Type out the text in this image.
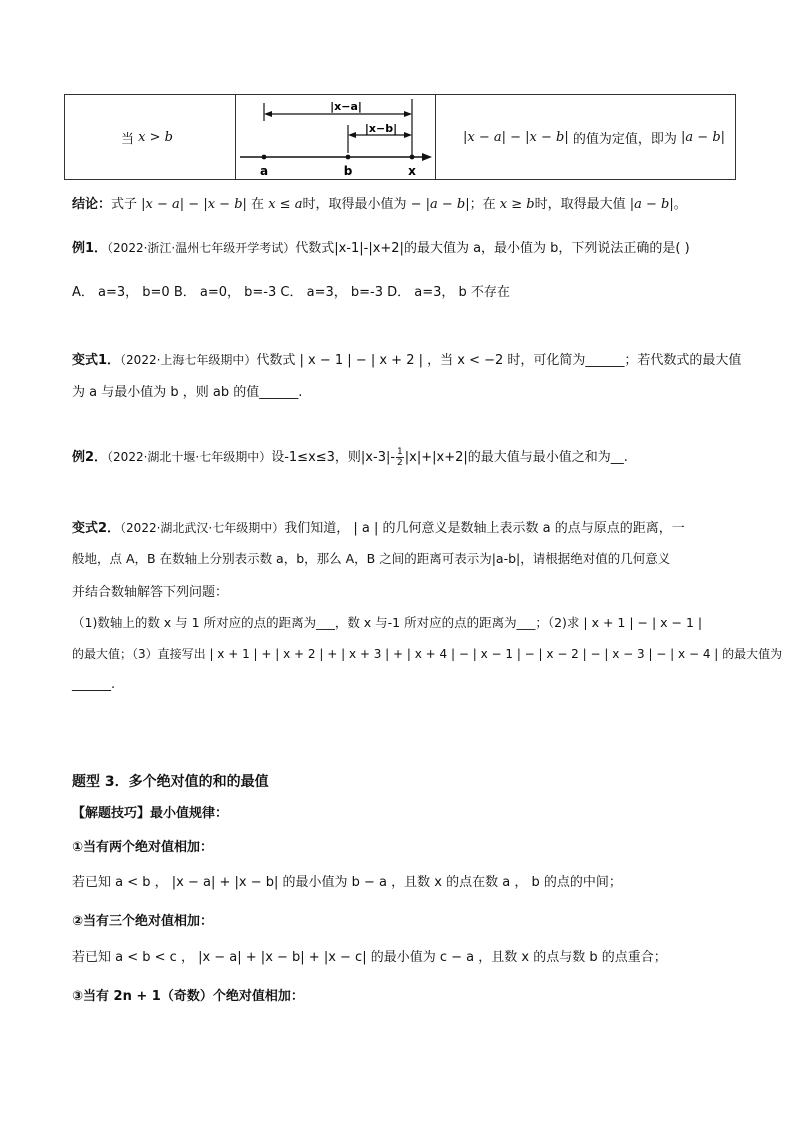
当
x > b
|x−a|
|x−b|
a	b	x
|x − a| − |x − b|
的值为定值，即为
|a − b|
结论：式子 |x − a| − |x − b| 在 x ≤ a时，取得最小值为 − |a − b|；在 x ≥ b时，取得最大值 |a − b|。
例1．（2022·浙江·温州七年级开学考试）代数式|x-1|-|x+2|的最大值为 a，最小值为 b，下列说法正确的是( )
A． a=3， b=0 B． a=0， b=-3 C． a=3， b=-3 D． a=3， b 不存在
变式1．（2022·上海七年级期中）代数式 | x − 1 | − | x + 2 | ，当 x < −2 时，可化简为______；若代数式的最大值
为 a 与最小值为 b ，则 ab 的值______.
例2．（2022·湖北十堰·七年级期中）设-1≤x≤3，则$|x-3|- \frac{1}{2} |x|+|x+2|$的最大值与最小值之和为__.
变式2．（2022·湖北武汉·七年级期中）我们知道， | a | 的几何意义是数轴上表示数 a 的点与原点的距离，一
般地，点 A，B 在数轴上分别表示数 a，b，那么 A，B 之间的距离可表示为|a-b|，请根据绝对值的几何意义
并结合数轴解答下列问题：
（1)数轴上的数 x 与 1 所对应的点的距离为___，数 x 与-1 所对应的点的距离为___；（2)求 | x + 1 | − | x − 1 |
的最大值；（3）直接写出 | x + 1 | + | x + 2 | + | x + 3 | + | x + 4 | − | x − 1 | − | x − 2 | − | x − 3 | − | x − 4 | 的最大值为
______.
题型 3．多个绝对值的和的最值
【解题技巧】最小值规律：
①当有两个绝对值相加：
若已知 a < b ， |x − a| + |x − b| 的最小值为 b − a ，且数 x 的点在数 a ， b 的点的中间；
②当有三个绝对值相加：
若已知 a < b < c ， |x − a| + |x − b| + |x − c| 的最小值为 c − a ，且数 x 的点与数 b 的点重合；
③当有 2n + 1（奇数）个绝对值相加：
